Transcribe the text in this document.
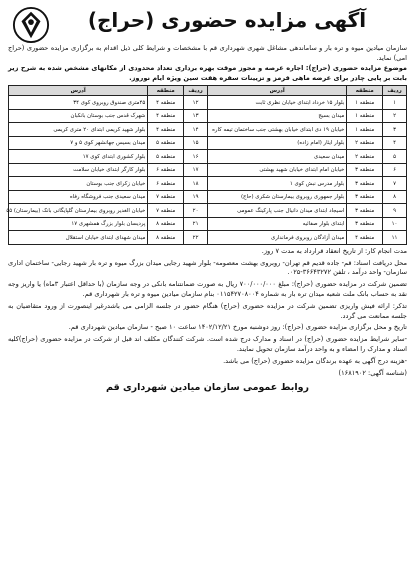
آگهی مزایده حضوری (حراج)

سازمان میادین میوه و تره بار و ساماندهی مشاغل شهری شهرداری قم با مشخصات و شرایط کلی ذیل اقدام به برگزاری مزایده حضوری (حراج امی) نماید.

موضوع مزایده حضوری (حراج): اجاره عرصه و مجوز موقت بهره برداری تعداد محدودی از مکانهای مشخص شده به شرح زیر بابت بر پایی چادر برای عرضه ماهی قرمز و تزیینات سفره هفت سین ویژه ایام نوروز.

ردیف	منطقه	آدرس	ردیف	منطقه	آدرس
۱	منطقه ۱	بلوار ۱۵ خرداد ابتدای خیابان نظری ثابت	۱۲	منطقه ۴	۴۵متری صندوق روبروی کوی ۳۴
۲	منطقه ۱	میدان بسیج	۱۳	منطقه ۴	شهرک قدس جنب بوستان بانکبان
۳	منطقه ۱	خیابان ۱۹ دی ابتدای خیابان بهشتی جنب ساختمان تیمه کاره	۱۴	منطقه ۴	بلوار شهید کریمی ابتدای ۲۰ متری کریمی
۴	منطقه ۲	بلوار ایثار (امام زاده)	۱۵	منطقه ۵	میدان بسیس جهانشهر کوی ۵ و ۷
۵	منطقه ۲	میدان سعیدی	۱۶	منطقه ۵	بلوار کشوری ابتدای کوی ۱۷
۶	منطقه ۳	خیابان امام ابتدای خیابان شهید بهشتی	۱۷	منطقه ۶	بلوار کارگر ابتدای خیابان سلامت
۷	منطقه ۳	بلوار مدرس نبش کوی ۱	۱۸	منطقه ۶	خیابان زکرای جنب بوستان
۸	منطقه ۳	بلوار جمهوری روبروی بیمارستان شکری (حاج)	۱۹	منطقه ۷	میدان سعیدی جنب فروشگاه رفاه
۹	منطقه ۳	اسیجاد ابتدای میدان دانیال جنب پارکینگ عمومی	۲۰	منطقه ۷	خیابان الغدیر روبروی بیمارستان گلپایگانی بانک (بیمارستان) ۵۵
۱۰	منطقه ۳	ابتدای بلوار صفائیه	۲۱	منطقه ۸	پردیسان بلوار بزرگ همشهری ۱۷
۱۱	منطقه ۴	میدان آزادگان روبروی فرمانداری	۲۲	منطقه ۸	میدان شهدای ابتدای خیابان استقلال

مدت انجام کار: از تاریخ انعقاد قرارداد به مدت ۷ روز.

محل دریافت اسناد: قم- جاده قدیم قم تهران- روبروی بهشت معصومه- بلوار شهید رجایی میدان بزرگ میوه و تره بار شهید رجایی- ساختمان اداری سازمان- واحد درآمد ، تلفن ۳۶۶۴۳۲۷۲-۰۲۵.

تضمین شرکت در مزایده حضوری (حراج): مبلغ ۷۰۰/۰۰۰/۰۰۰ ریال به صورت ضمانتنامه بانکی در وجه سازمان (با حداقل اعتبار ۳ماه) یا واریز وجه نقد به حساب بانک ملت شعبه میدان تره بار به شماره ۰۱۱۵۴۲۷۰۸۰۰۴ بنام سازمان میادین میوه و تره بار شهرداری قم.

تذکر: ارائه فیش واریزی تضمین شرکت در مزایده حضوری (حراج) هنگام حضور در جلسه الزامی می باشدرغیر اینصورت از ورود متقاضیان به جلسه ممانعت می گردد.

تاریخ و محل برگزاری مزایده حضوری (حراج): روز دوشنبه مورخ ۱۴۰۲/۱۲/۲۱ ساعت ۱۰ صبح - سازمان میادین شهرداری قم.

-سایر شرایط مزایده حضوری (حراج) در اسناد و مدارک درج شده است. شرکت کنندگان مکلف اند قبل از شرکت در مزایده حضوری (حراج)کلیه اسناد و مدارک را امضاء و به واحد درآمد سازمان تحویل نمایند.

-هزینه درج آگهی به عهده برندگان مزایده حضوری (حراج) می باشد.

(شناسه آگهی: ۱۶۸۱۹۰۲)

روابط عمومی سازمان میادین شهرداری قم
